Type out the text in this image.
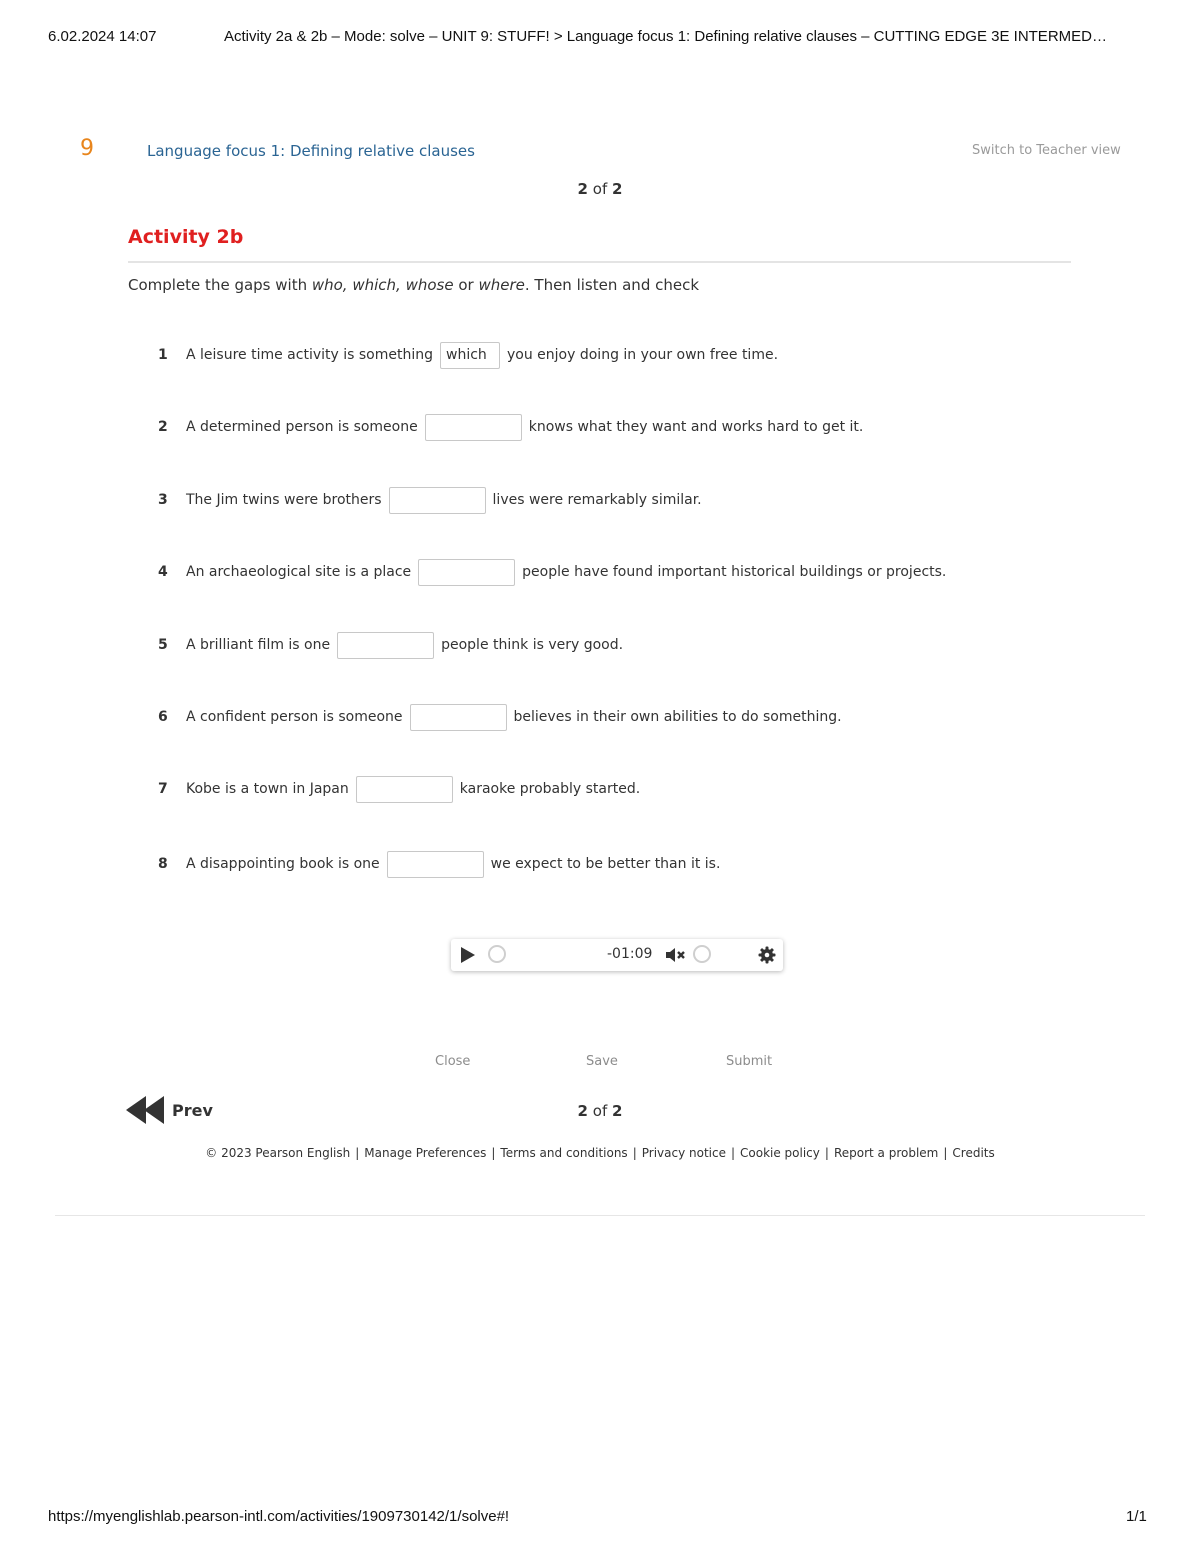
6.02.2024 14:07	Activity 2a & 2b – Mode: solve – UNIT 9: STUFF! > Language focus 1: Defining relative clauses – CUTTING EDGE 3E INTERMED…
9	Language focus 1: Defining relative clauses	Switch to Teacher view
2 of 2
Activity 2b
Complete the gaps with who, which, whose or where. Then listen and check
1	A leisure time activity is something
which	you enjoy doing in your own free time.
2	A determined person is someone	knows what they want and works hard to get it.
3	The Jim twins were brothers	lives were remarkably similar.
4	An archaeological site is a place	people have found important historical buildings or projects.
5	A brilliant film is one	people think is very good.
6	A confident person is someone	believes in their own abilities to do something.
7	Kobe is a town in Japan	karaoke probably started.
8	A disappointing book is one	we expect to be better than it is.
-01:09
Close	Save	Submit
Prev	2 of 2
© 2023 Pearson English | Manage Preferences | Terms and conditions | Privacy notice | Cookie policy | Report a problem | Credits
https://myenglishlab.pearson-intl.com/activities/1909730142/1/solve#!	1/1
